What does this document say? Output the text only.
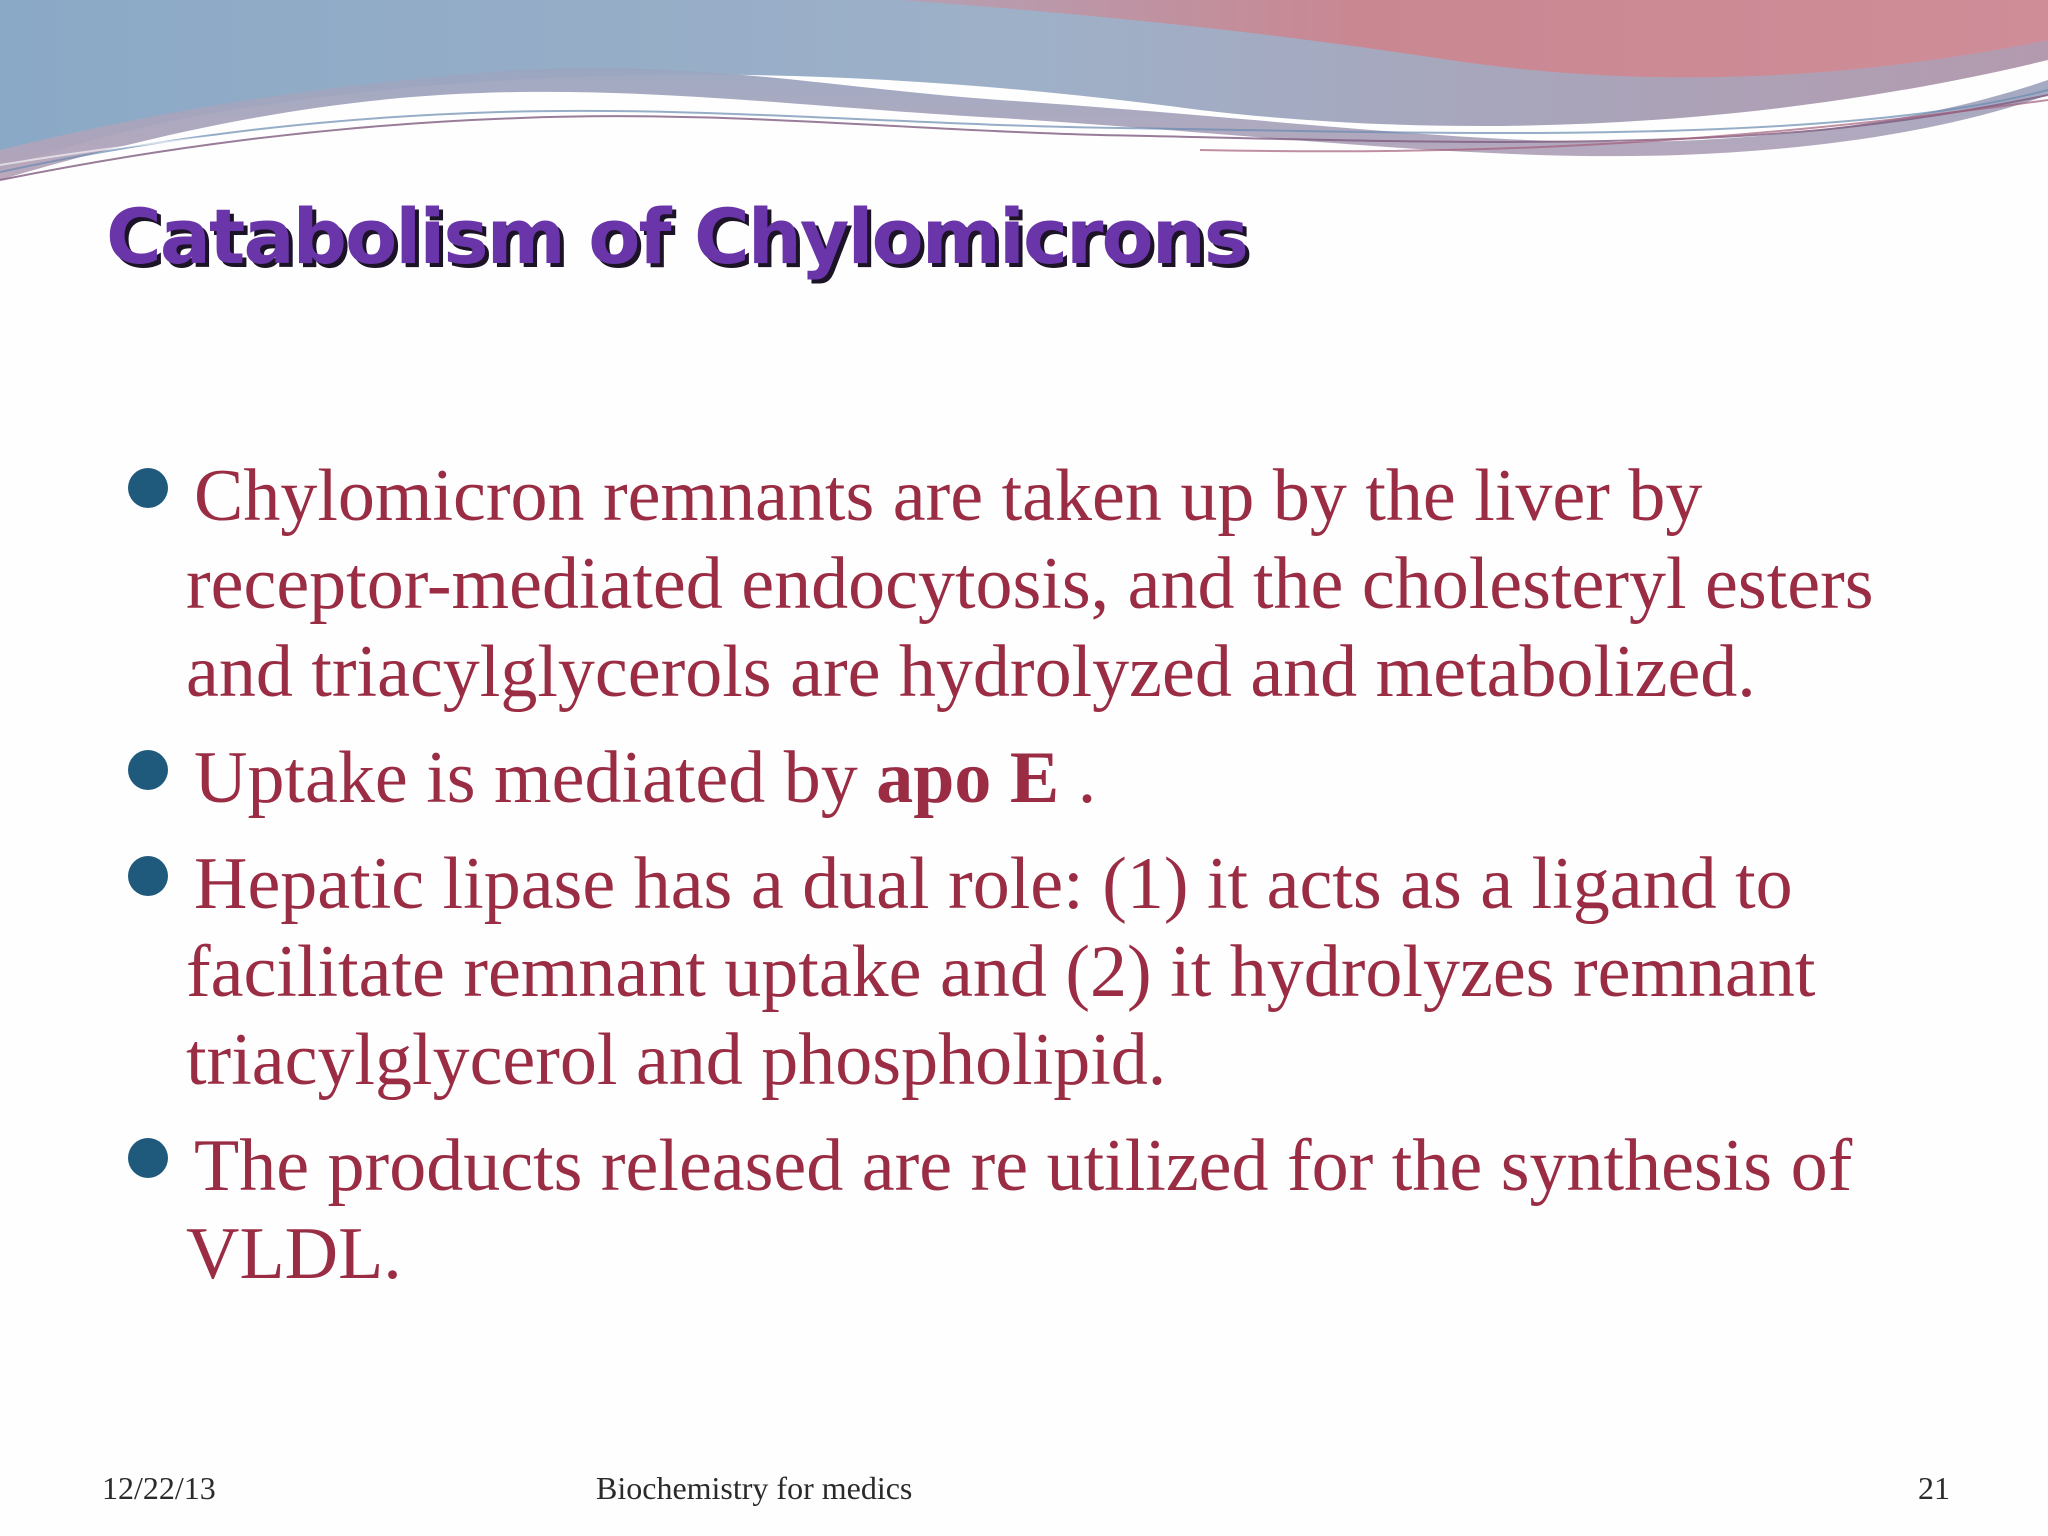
Catabolism of Chylomicrons
Chylomicron remnants are taken up by the liver by receptor-mediated endocytosis, and the cholesteryl esters and triacylglycerols are hydrolyzed and metabolized.
Uptake is mediated by apo E .
Hepatic lipase has a dual role: (1) it acts as a ligand to facilitate remnant uptake and (2) it hydrolyzes remnant triacylglycerol and phospholipid.
The products released are re utilized for the synthesis of VLDL.
12/22/13	Biochemistry for medics	21
